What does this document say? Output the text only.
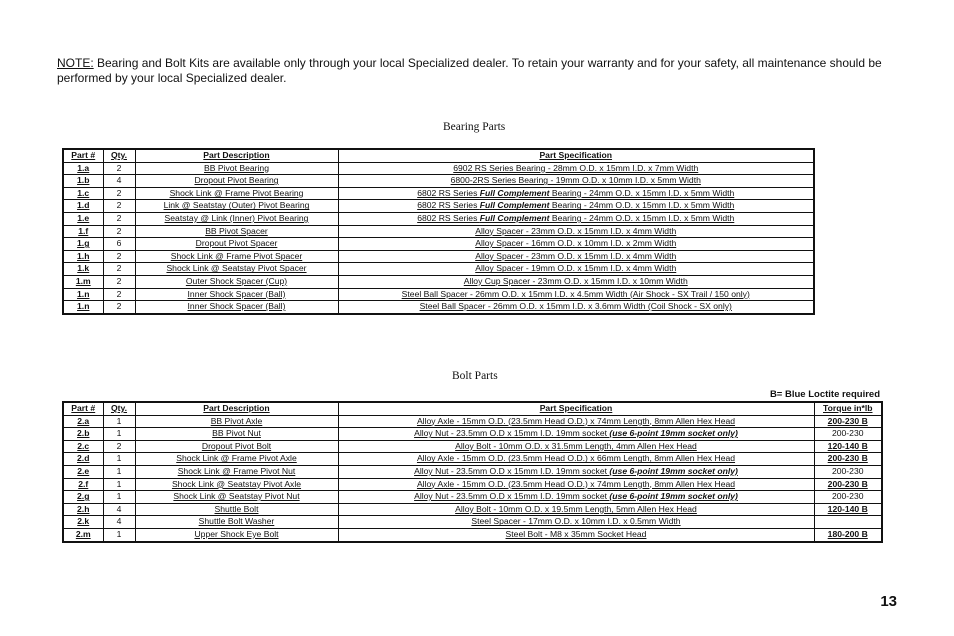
NOTE: Bearing and Bolt Kits are available only through your local Specialized dealer. To retain your warranty and for your safety, all maintenance should be performed by your local Specialized dealer.
Bearing Parts
Part #	Qty.	Part Description	Part Specification
1.a	2	BB Pivot Bearing	6902 RS Series Bearing - 28mm O.D. x 15mm I.D. x 7mm Width
1.b	4	Dropout Pivot Bearing	6800-2RS Series Bearing - 19mm O.D. x 10mm I.D. x 5mm Width
1.c	2	Shock Link @ Frame Pivot Bearing	6802 RS Series Full Complement Bearing - 24mm O.D. x 15mm I.D. x 5mm Width
1.d	2	Link @ Seatstay (Outer) Pivot Bearing	6802 RS Series Full Complement Bearing - 24mm O.D. x 15mm I.D. x 5mm Width
1.e	2	Seatstay @ Link (Inner) Pivot Bearing	6802 RS Series Full Complement Bearing - 24mm O.D. x 15mm I.D. x 5mm Width
1.f	2	BB Pivot Spacer	Alloy Spacer - 23mm O.D. x 15mm I.D. x 4mm Width
1.g	6	Dropout Pivot Spacer	Alloy Spacer - 16mm O.D. x 10mm I.D. x 2mm Width
1.h	2	Shock Link @ Frame Pivot Spacer	Alloy Spacer - 23mm O.D. x 15mm I.D. x 4mm Width
1.k	2	Shock Link @ Seatstay Pivot Spacer	Alloy Spacer - 19mm O.D. x 15mm I.D. x 4mm Width
1.m	2	Outer Shock Spacer (Cup)	Alloy Cup Spacer - 23mm O.D. x 15mm I.D. x 10mm Width
1.n	2	Inner Shock Spacer (Ball)	Steel Ball Spacer - 26mm O.D. x 15mm I.D. x 4.5mm Width (Air Shock - SX Trail / 150 only)
1.n	2	Inner Shock Spacer (Ball)	Steel Ball Spacer - 26mm O.D. x 15mm I.D. x 3.6mm Width (Coil Shock - SX only)
Bolt Parts
B= Blue Loctite required
Part #	Qty.	Part Description	Part Specification	Torque in*lb
2.a	1	BB Pivot Axle	Alloy Axle - 15mm O.D. (23.5mm Head O.D.) x 74mm Length, 8mm Allen Hex Head	200-230 B
2.b	1	BB Pivot Nut	Alloy Nut - 23.5mm O.D x 15mm I.D. 19mm socket (use 6-point 19mm socket only)	200-230
2.c	2	Dropout Pivot Bolt	Alloy Bolt - 10mm O.D. x 31.5mm Length, 4mm Allen Hex Head	120-140 B
2.d	1	Shock Link @ Frame Pivot Axle	Alloy Axle - 15mm O.D. (23.5mm Head O.D.) x 66mm Length, 8mm Allen Hex Head	200-230 B
2.e	1	Shock Link @ Frame Pivot Nut	Alloy Nut - 23.5mm O.D x 15mm I.D. 19mm socket (use 6-point 19mm socket only)	200-230
2.f	1	Shock Link @ Seatstay Pivot Axle	Alloy Axle - 15mm O.D. (23.5mm Head O.D.) x 74mm Length, 8mm Allen Hex Head	200-230 B
2.g	1	Shock Link @ Seatstay Pivot Nut	Alloy Nut - 23.5mm O.D x 15mm I.D. 19mm socket (use 6-point 19mm socket only)	200-230
2.h	4	Shuttle Bolt	Alloy Bolt - 10mm O.D. x 19.5mm Length, 5mm Allen Hex Head	120-140 B
2.k	4	Shuttle Bolt Washer	Steel Spacer - 17mm O.D. x 10mm I.D. x 0.5mm Width	
2.m	1	Upper Shock Eye Bolt	Steel Bolt - M8 x 35mm Socket Head	180-200 B
13
